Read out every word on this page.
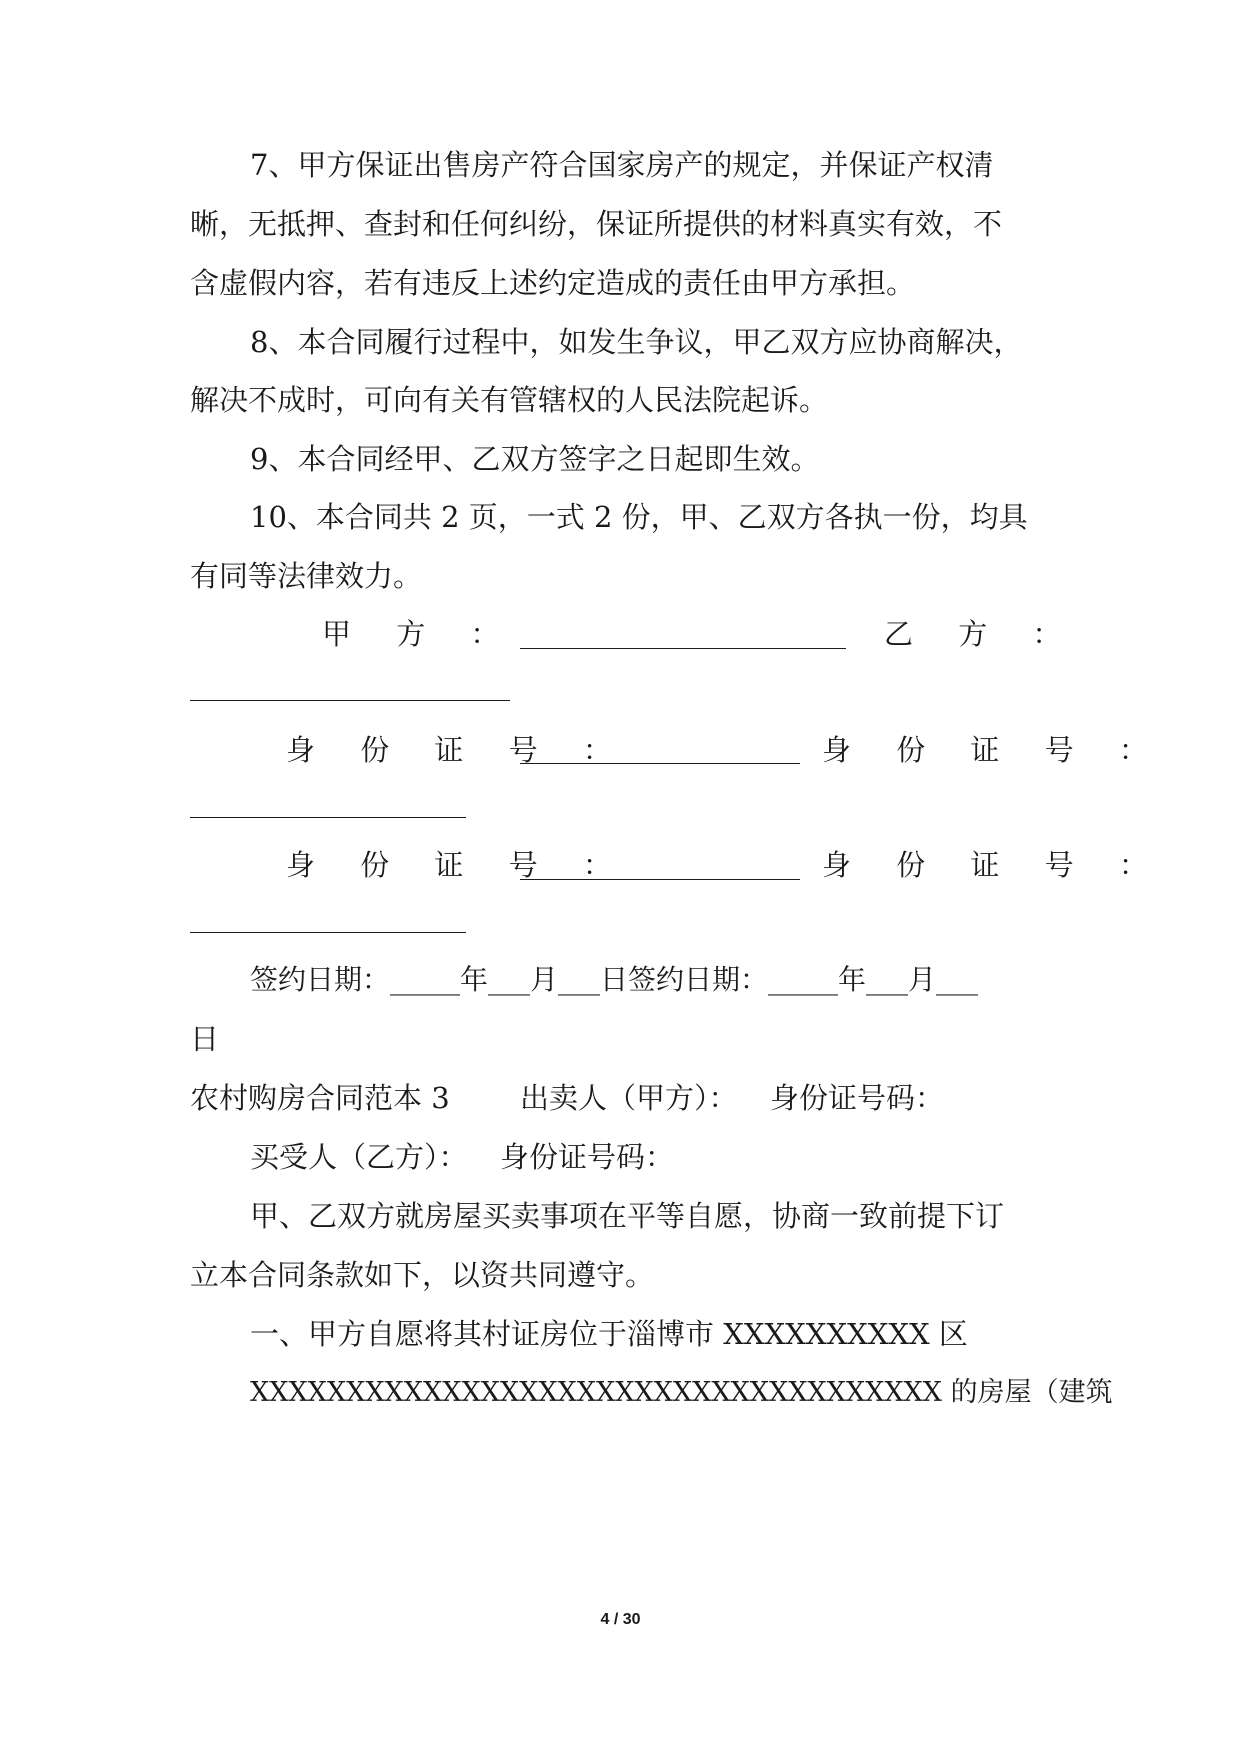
7、甲方保证出售房产符合国家房产的规定，并保证产权清
晰，无抵押、查封和任何纠纷，保证所提供的材料真实有效，不
含虚假内容，若有违反上述约定造成的责任由甲方承担。
8、本合同履行过程中，如发生争议，甲乙双方应协商解决，
解决不成时，可向有关有管辖权的人民法院起诉。
9、本合同经甲、乙双方签字之日起即生效。
10、本合同共 2 页，一式 2 份，甲、乙双方各执一份，均具
有同等法律效力。
甲 方 ：	乙 方 ：
身 份 证 号 ：	身 份 证 号 ：
身 份 证 号 ：	身 份 证 号 ：
签约日期：_____年___月___日签约日期：_____年___月___
日
农村购房合同范本 3 出卖人（甲方）： 身份证号码：
买受人（乙方）： 身份证号码：
甲、乙双方就房屋买卖事项在平等自愿，协商一致前提下订
立本合同条款如下，以资共同遵守。
一、甲方自愿将其村证房位于淄博市 XXXXXXXXXX 区
XXXXXXXXXXXXXXXXXXXXXXXXXXXXXXXXXXXX 的房屋（建筑
4 / 30
